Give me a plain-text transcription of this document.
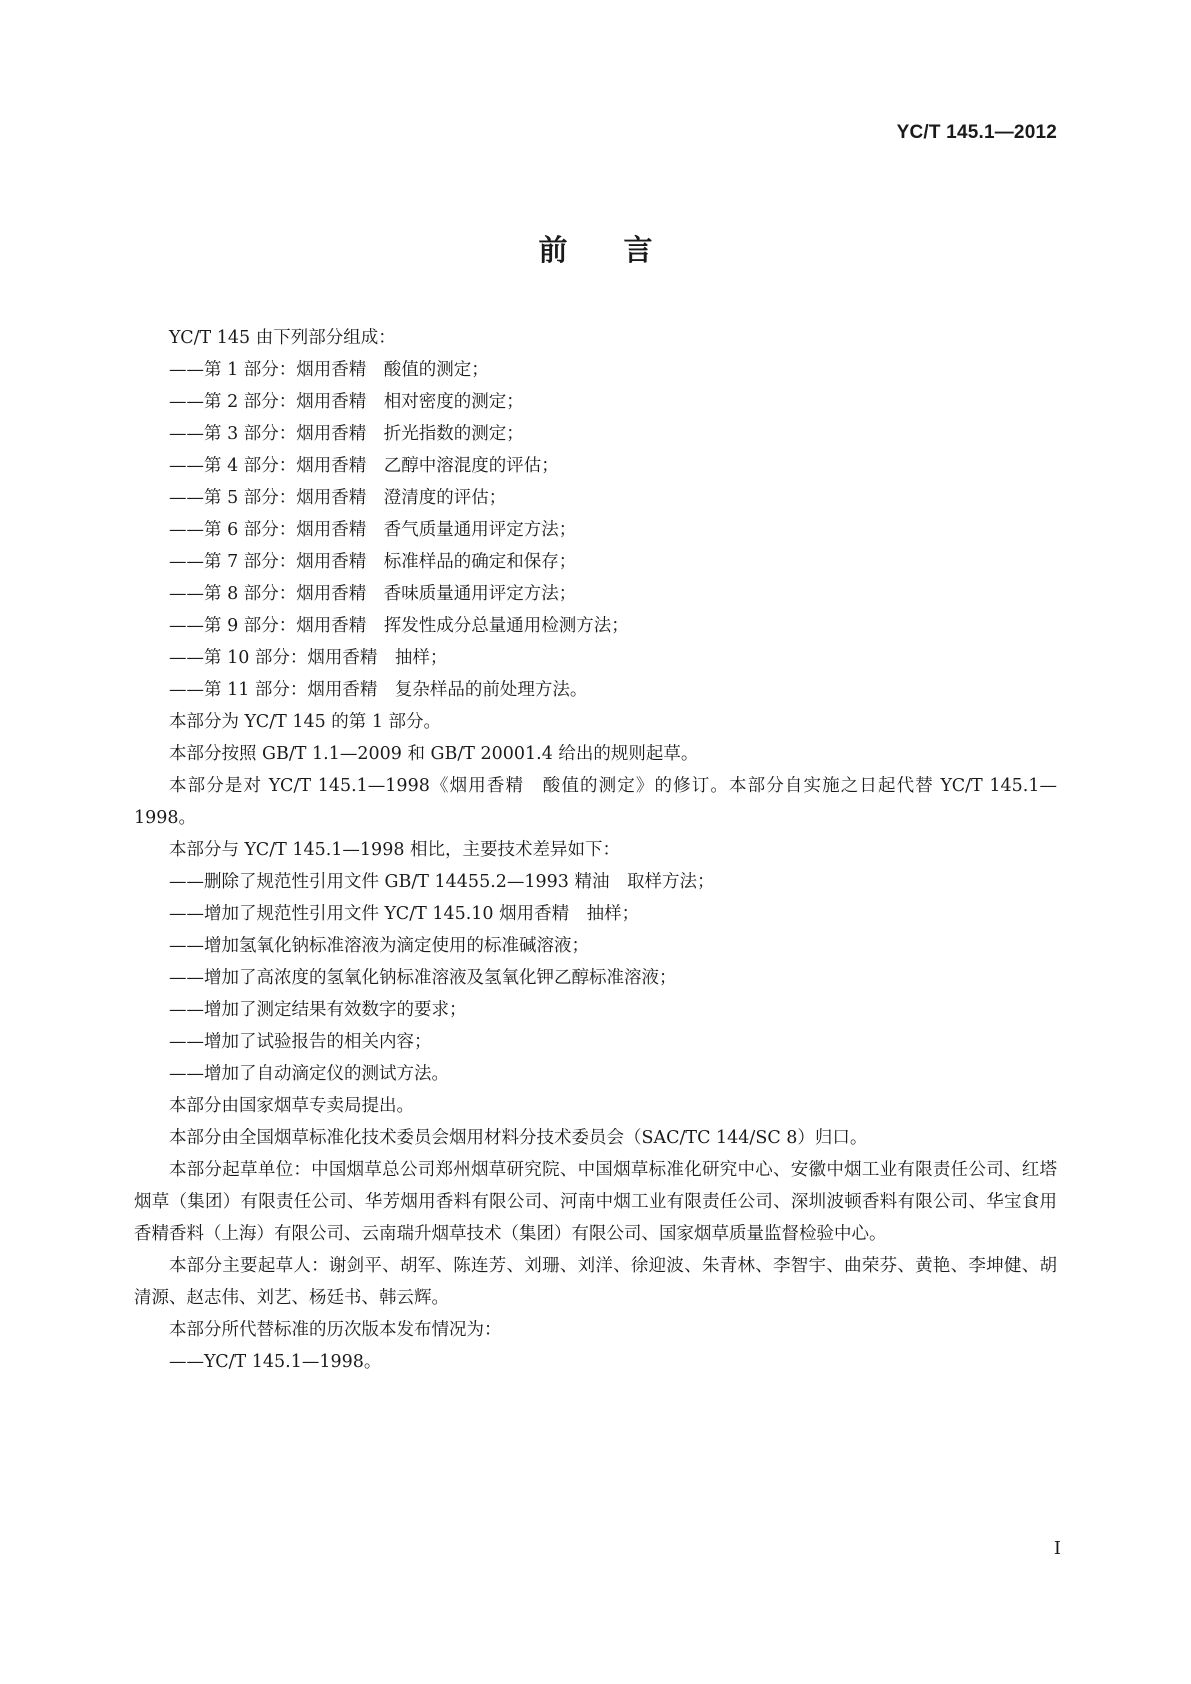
YC/T 145.1—2012
前言

YC/T 145 由下列部分组成：

——第 1 部分：烟用香精　酸值的测定；

——第 2 部分：烟用香精　相对密度的测定；

——第 3 部分：烟用香精　折光指数的测定；

——第 4 部分：烟用香精　乙醇中溶混度的评估；

——第 5 部分：烟用香精　澄清度的评估；

——第 6 部分：烟用香精　香气质量通用评定方法；

——第 7 部分：烟用香精　标准样品的确定和保存；

——第 8 部分：烟用香精　香味质量通用评定方法；

——第 9 部分：烟用香精　挥发性成分总量通用检测方法；

——第 10 部分：烟用香精　抽样；

——第 11 部分：烟用香精　复杂样品的前处理方法。

本部分为 YC/T 145 的第 1 部分。

本部分按照 GB/T 1.1—2009 和 GB/T 20001.4 给出的规则起草。

本部分是对 YC/T 145.1—1998《烟用香精　酸值的测定》的修订。本部分自实施之日起代替 YC/T 145.1—1998。

本部分与 YC/T 145.1—1998 相比，主要技术差异如下：

——删除了规范性引用文件 GB/T 14455.2—1993 精油　取样方法；

——增加了规范性引用文件 YC/T 145.10 烟用香精　抽样；

——增加氢氧化钠标准溶液为滴定使用的标准碱溶液；

——增加了高浓度的氢氧化钠标准溶液及氢氧化钾乙醇标准溶液；

——增加了测定结果有效数字的要求；

——增加了试验报告的相关内容；

——增加了自动滴定仪的测试方法。

本部分由国家烟草专卖局提出。

本部分由全国烟草标准化技术委员会烟用材料分技术委员会（SAC/TC 144/SC 8）归口。

本部分起草单位：中国烟草总公司郑州烟草研究院、中国烟草标准化研究中心、安徽中烟工业有限责任公司、红塔烟草（集团）有限责任公司、华芳烟用香料有限公司、河南中烟工业有限责任公司、深圳波顿香料有限公司、华宝食用香精香料（上海）有限公司、云南瑞升烟草技术（集团）有限公司、国家烟草质量监督检验中心。

本部分主要起草人：谢剑平、胡军、陈连芳、刘珊、刘洋、徐迎波、朱青林、李智宇、曲荣芬、黄艳、李坤健、胡清源、赵志伟、刘艺、杨廷书、韩云辉。

本部分所代替标准的历次版本发布情况为：

——YC/T 145.1—1998。

I
